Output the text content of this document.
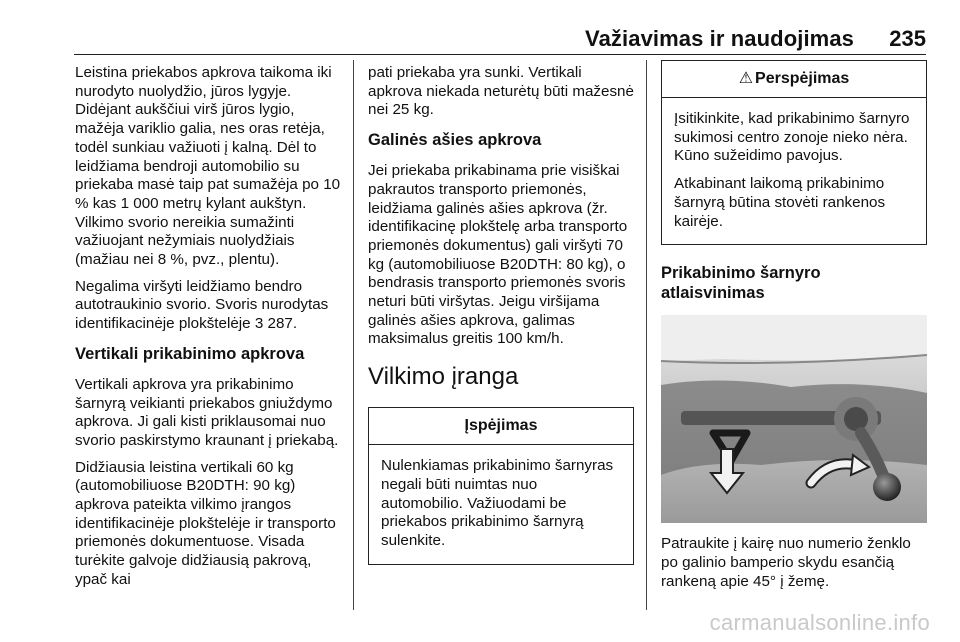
Važiavimas ir naudojimas 235

Leistina priekabos apkrova taikoma iki nurodyto nuolydžio, jūros lygyje. Didėjant aukščiui virš jūros lygio, mažėja variklio galia, nes oras retėja, todėl sunkiau važiuoti į kalną. Dėl to leidžiama bendroji automobilio su priekaba masė taip pat sumažėja po 10 % kas 1 000 metrų kylant aukštyn. Vilkimo svorio nereikia sumažinti važiuojant nežymiais nuolydžiais (mažiau nei 8 %, pvz., plentu).

Negalima viršyti leidžiamo bendro autotraukinio svorio. Svoris nurodytas identifikacinėje plokštelėje 3 287.

Vertikali prikabinimo apkrova

Vertikali apkrova yra prikabinimo šarnyrą veikianti priekabos gniuždymo apkrova. Ji gali kisti priklausomai nuo svorio paskirstymo kraunant į priekabą.

Didžiausia leistina vertikali 60 kg (automobiliuose B20DTH: 90 kg) apkrova pateikta vilkimo įrangos identifikacinėje plokštelėje ir transporto priemonės dokumentuose. Visada turėkite galvoje didžiausią pakrovą, ypač kai

pati priekaba yra sunki. Vertikali apkrova niekada neturėtų būti mažesnė nei 25 kg.

Galinės ašies apkrova

Jei priekaba prikabinama prie visiškai pakrautos transporto priemonės, leidžiama galinės ašies apkrova (žr. identifikacinę plokštelę arba transporto priemonės dokumentus) gali viršyti 70 kg (automobiliuose B20DTH: 80 kg), o bendrasis transporto priemonės svoris neturi būti viršytas. Jeigu viršijama galinės ašies apkrova, galimas maksimalus greitis 100 km/h.

Vilkimo įranga
Įspėjimas

Nulenkiamas prikabinimo šarnyras negali būti nuimtas nuo automobilio. Važiuodami be priekabos prikabinimo šarnyrą sulenkite.

⚠ Perspėjimas

Įsitikinkite, kad prikabinimo šarnyro sukimosi centro zonoje nieko nėra. Kūno sužeidimo pavojus.

Atkabinant laikomą prikabinimo šarnyrą būtina stovėti rankenos kairėje.

Prikabinimo šarnyro atlaisvinimas

Patraukite į kairę nuo numerio ženklo po galinio bamperio skydu esančią rankeną apie 45° į žemę.

carmanualsonline.info
